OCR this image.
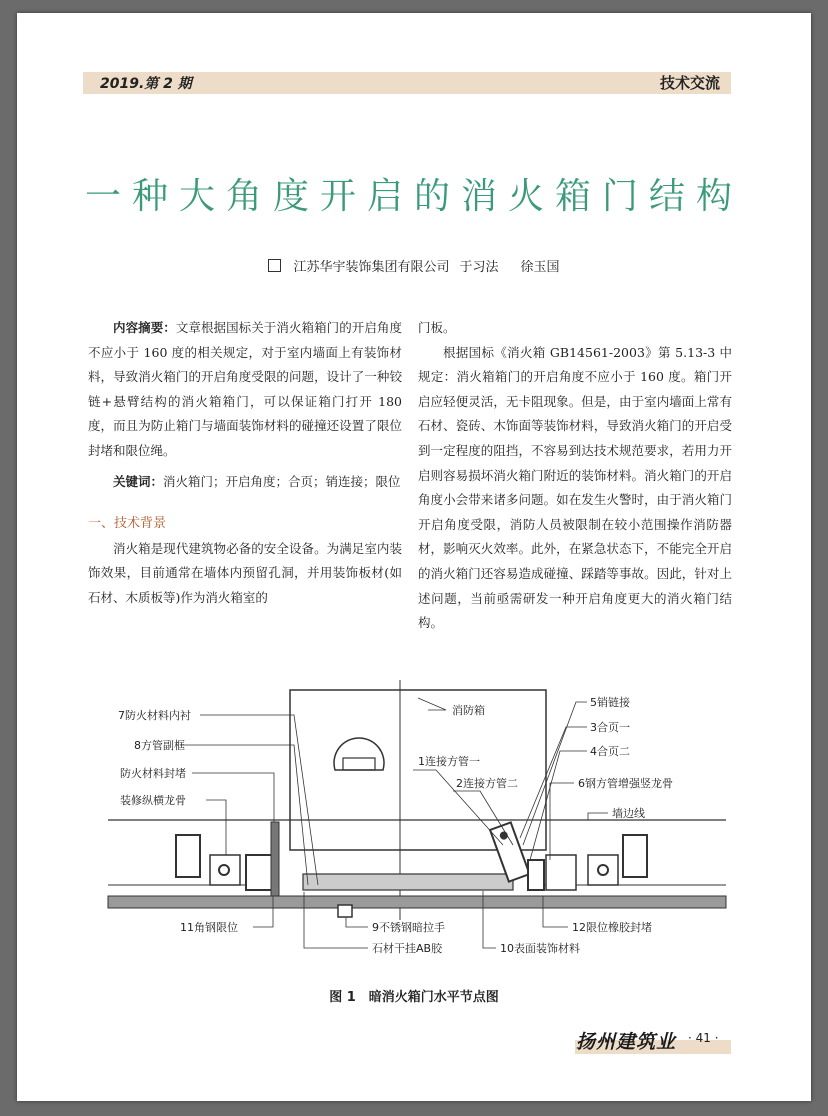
2019.第 2 期	技术交流
一种大角度开启的消火箱门结构
江苏华宇装饰集团有限公司 于习法 徐玉国
内容摘要：文章根据国标关于消火箱箱门的开启角度不应小于 160 度的相关规定，对于室内墙面上有装饰材料，导致消火箱门的开启角度受限的问题，设计了一种铰链+悬臂结构的消火箱箱门，可以保证箱门打开 180 度，而且为防止箱门与墙面装饰材料的碰撞还设置了限位封堵和限位绳。
关键词：消火箱门；开启角度；合页；销连接；限位
一、技术背景
消火箱是现代建筑物必备的安全设备。为满足室内装饰效果，目前通常在墙体内预留孔洞，并用装饰板材(如石材、木质板等)作为消火箱室的
门板。
根据国标《消火箱 GB14561-2003》第 5.13-3 中规定：消火箱箱门的开启角度不应小于 160 度。箱门开启应轻便灵活，无卡阻现象。但是，由于室内墙面上常有石材、瓷砖、木饰面等装饰材料，导致消火箱门的开启受到一定程度的阻挡，不容易到达技术规范要求，若用力开启则容易损坏消火箱门附近的装饰材料。消火箱门的开启角度小会带来诸多问题。如在发生火警时，由于消火箱门开启角度受限，消防人员被限制在较小范围操作消防器材，影响灭火效率。此外，在紧急状态下，不能完全开启的消火箱门还容易造成碰撞、踩踏等事故。因此，针对上述问题，当前亟需研发一种开启角度更大的消火箱门结构。
7防火材料内衬
8方管副框
防火材料封堵
装修纵横龙骨
消防箱
1连接方管一
2连接方管二
5销链接
3合页一
4合页二
6钢方管增强竖龙骨
墙边线
11角钢限位	9不锈钢暗拉手
石材干挂AB胶
12限位橡胶封堵
10表面装饰材料
图 1　暗消火箱门水平节点图
扬州建筑业 · 41 ·
